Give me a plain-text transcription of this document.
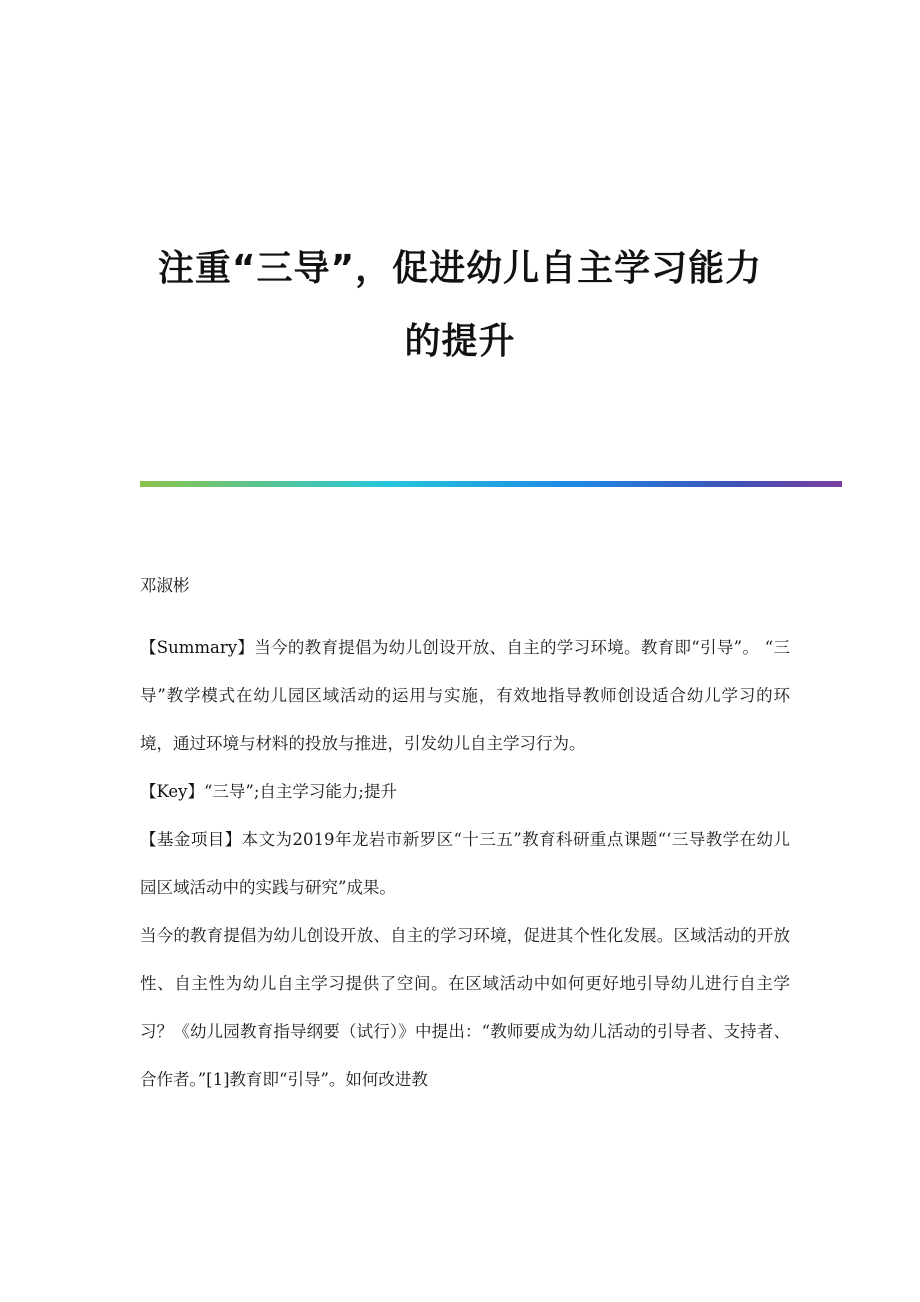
注重“三导”，促进幼儿自主学习能力
的提升

邓淑彬

【Summary】当今的教育提倡为幼儿创设开放、自主的学习环境。教育即“引导”。 “三导”教学模式在幼儿园区域活动的运用与实施，有效地指导教师创设适合幼儿学习的环境，通过环境与材料的投放与推进，引发幼儿自主学习行为。

【Key】“三导”;自主学习能力;提升

【基金项目】本文为2019年龙岩市新罗区“十三五”教育科研重点课题“‘三导教学在幼儿园区域活动中的实践与研究”成果。

当今的教育提倡为幼儿创设开放、自主的学习环境，促进其个性化发展。区域活动的开放性、自主性为幼儿自主学习提供了空间。在区域活动中如何更好地引导幼儿进行自主学习？《幼儿园教育指导纲要（试行）》中提出：“教师要成为幼儿活动的引导者、支持者、合作者。”[1]教育即“引导”。如何改进教
